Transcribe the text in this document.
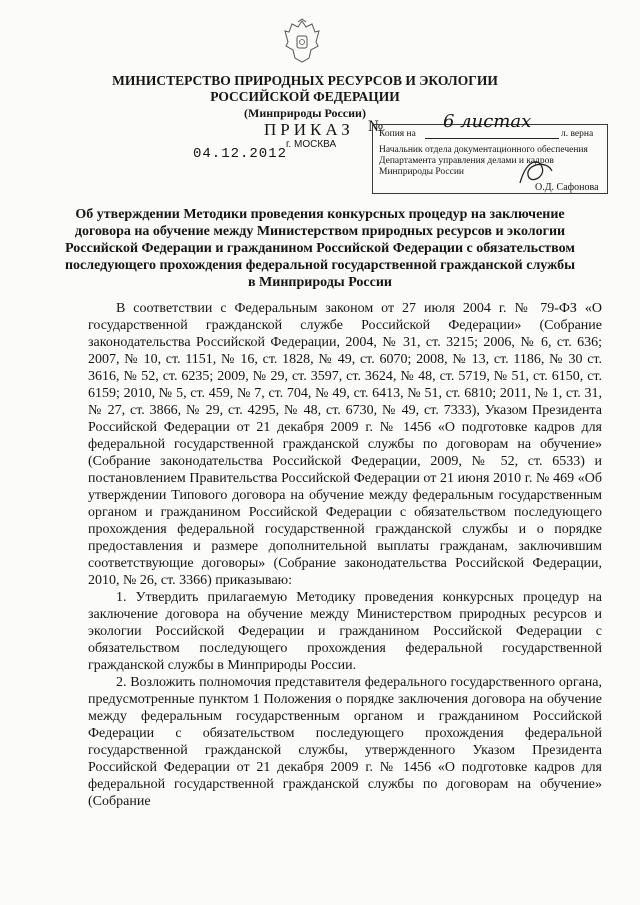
МИНИСТЕРСТВО ПРИРОДНЫХ РЕСУРСОВ И ЭКОЛОГИИ
РОССИЙСКОЙ ФЕДЕРАЦИИ
(Минприроды России)
ПРИКАЗ
04.12.2012
г. МОСКВА
№
Копия на
6 листах
л. верна
Начальник отдела документационного обеспечения
Департамента управления делами и кадров
Минприроды России
О.Д. Сафонова
Об утверждении Методики проведения конкурсных процедур на заключение договора на обучение между Министерством природных ресурсов и экологии Российской Федерации и гражданином Российской Федерации с обязательством последующего прохождения федеральной государственной гражданской службы в Минприроды России

В соответствии с Федеральным законом от 27 июля 2004 г. № 79-ФЗ «О государственной гражданской службе Российской Федерации» (Собрание законодательства Российской Федерации, 2004, № 31, ст. 3215; 2006, № 6, ст. 636; 2007, № 10, ст. 1151, № 16, ст. 1828, № 49, ст. 6070; 2008, № 13, ст. 1186, № 30 ст. 3616, № 52, ст. 6235; 2009, № 29, ст. 3597, ст. 3624, № 48, ст. 5719, № 51, ст. 6150, ст. 6159; 2010, № 5, ст. 459, № 7, ст. 704, № 49, ст. 6413, № 51, ст. 6810; 2011, № 1, ст. 31, № 27, ст. 3866, № 29, ст. 4295, № 48, ст. 6730, № 49, ст. 7333), Указом Президента Российской Федерации от 21 декабря 2009 г. № 1456 «О подготовке кадров для федеральной государственной гражданской службы по договорам на обучение» (Собрание законодательства Российской Федерации, 2009, № 52, ст. 6533) и постановлением Правительства Российской Федерации от 21 июня 2010 г. № 469 «Об утверждении Типового договора на обучение между федеральным государственным органом и гражданином Российской Федерации с обязательством последующего прохождения федеральной государственной гражданской службы и о порядке предоставления и размере дополнительной выплаты гражданам, заключившим соответствующие договоры» (Собрание законодательства Российской Федерации, 2010, № 26, ст. 3366) приказываю:

1. Утвердить прилагаемую Методику проведения конкурсных процедур на заключение договора на обучение между Министерством природных ресурсов и экологии Российской Федерации и гражданином Российской Федерации с обязательством последующего прохождения федеральной государственной гражданской службы в Минприроды России.

2. Возложить полномочия представителя федерального государственного органа, предусмотренные пунктом 1 Положения о порядке заключения договора на обучение между федеральным государственным органом и гражданином Российской Федерации с обязательством последующего прохождения федеральной государственной гражданской службы, утвержденного Указом Президента Российской Федерации от 21 декабря 2009 г. № 1456 «О подготовке кадров для федеральной государственной гражданской службы по договорам на обучение» (Собрание
